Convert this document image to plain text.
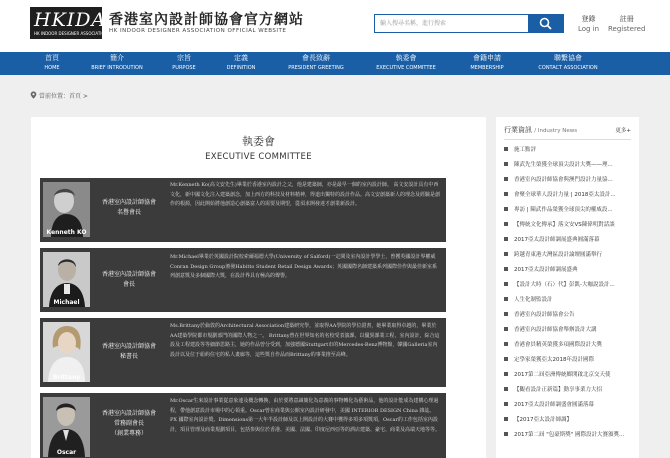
HKIDA
HK INDOOR DESIGNER ASSOCIATION
香港室內設計師協會官方網站
HK INDOOR DESIGNER ASSOCIATION OFFICIAL WEBSITE
輸入搜尋名稱，進行搜索
登錄
Log in
註冊
Registered
首頁
HOME
簡介
BRIEF INTRODUTION
宗旨
PURPOSE
定義
DEFINITION
會長致辭
PRESIDENT GREETING
執委會
EXECUTIVE COMMITTEE
會籍申請
MEMBERSHIP
聯繫協會
CONTACT ASSOCIATION
當前位置：首頁 >
執委會
EXECUTIVE COMMITTEE
Kenneth KO
香港室內設計師協會
名譽會長
Mr.Kenneth Ko(高文安先生)畢業於香港室內設計之父，他是建築師，亦是最早一個的室內設計師。 高文安設計具有中西文化，新中國文化注入建築創念，加上西方的科技及材料精神，得道出獨特的設計作品。高文安創築新人的理念及經驗是創作的根源，因此開始將他創造心創築富人的需要及期望，從須求開發達才創業新設計。
Michael
香港室內設計師協會
會長
Mr.Michael畢業於英國設計院校索爾福德大學(University of Salford)一定間及室內設計學學士，曾獲英國設計界權威Conran Design Group頒發Habitto Student Retail Design Awards；英國國際名師建築系列國際佳作與最佳新室系列創意獎及多個國際大獎，在設計界具有極高的聲譽。
Brittany
香港室內設計師協會
秘書長
Ms.Brittany於倫敦的Architectural Association建築研究學，並取得AA學院的學位證書，她畢業取得卓越的，畢業於AA建築學院都市規劃部門的國際人物之一。 Brittany曾在世界知名的名校受表演課，以優異課業工程，室內設計，綜合這設及工程建設等等細節思路主，她的作品曾分受到，加強德國Stuttgart市的Mercedes-Benz博物館，韓國Galleria室內設計以及位于紐約住宅的私人畫廊等，這些獎自作品而Brittany的事業推至高峰。
Oscar
香港室內設計師協會
常務副會長
（創業專務）
Mr.Oscar生來設計事業從意象連及概念轉換，由於要將意識簡化為意義的事物轉化為藝術品，他的設計能成為建構心理過程，帶他創意設計市場中的心領重。Oscar曾在商業與公館室內設計研發中，美國 INTERIOR DESIGN China 雜誌、PX 國際室內設計獎、Dimensions第一大年半設計師及以上開設計的大賽中獲得多項多項獎項，Oscar的工作包括室內設計，項目管理及商業規劃項目，包括参與位於香港、美國、法國、印度尼西亞等的酒店建築、豪宅、商業及高端天地等等。
行業資訊 / Industry News	更多+
施工點評
陳武先生榮獲全球頂尖設計大獎——理...
香港室內設計師協會與澳門設計力量協...
會聚全球華人設計力量 | 2018亞太設計...
專訪 | 陳武作品榮獲全球頂尖的權威設...
【傳統文化傳承】落文安VS陳偉明對話談
2017亞太設計師調展盛典圓滿落幕
跨越青東港大灣區設計論壇圓滿舉行
2017亞太設計師調展盛典
【設計大時（石）代】彭凱-大咖說設計...
人生化制監設計
香港室內設計師協會公告
香港室內設計師協會舉辦設計大講
香港會員精英榮獲多項國際設計大獎
定學家榮獲亞太2018年設計國際
2017第二屆亞洲傳統鄉開啟北京交天使
【觀看設計正新篇】動享事業力大招
2017亞太設計師調盛會圓滿落幕
【2017亞太設計師調】
2017第二屆 "包豪斯獎" 國際設計大賽頒獎...
